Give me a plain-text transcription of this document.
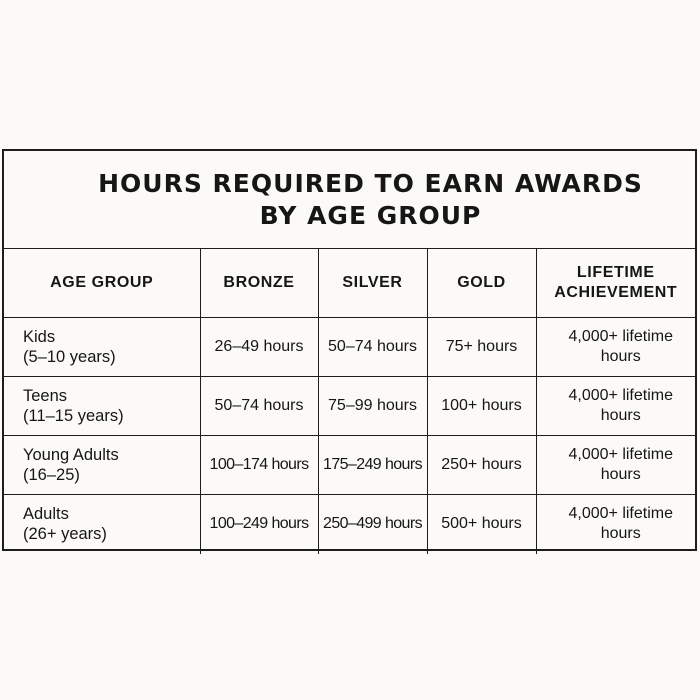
HOURS REQUIRED TO EARN AWARDS
BY AGE GROUP
AGE GROUP	BRONZE	SILVER	GOLD	LIFETIME
ACHIEVEMENT

Kids
(5–10 years)	26–49 hours	50–74 hours	75+ hours	4,000+ lifetime
hours

Teens
(11–15 years)	50–74 hours	75–99 hours	100+ hours	4,000+ lifetime
hours

Young Adults
(16–25)	100–174 hours	175–249 hours	250+ hours	4,000+ lifetime
hours

Adults
(26+ years)	100–249 hours	250–499 hours	500+ hours	4,000+ lifetime
hours
